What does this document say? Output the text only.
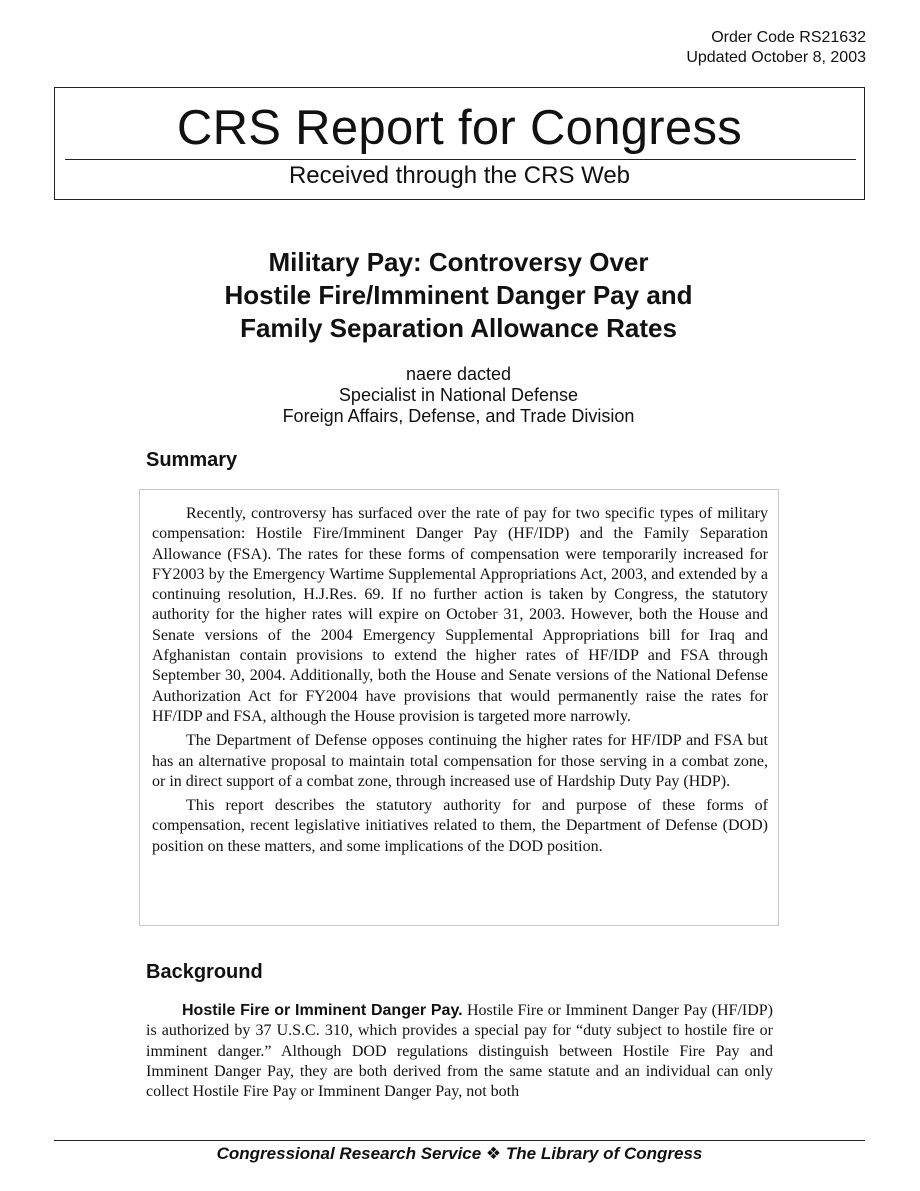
Order Code RS21632
Updated October 8, 2003
CRS Report for Congress
Received through the CRS Web
Military Pay: Controversy Over
Hostile Fire/Imminent Danger Pay and
Family Separation Allowance Rates
naere dacted
Specialist in National Defense
Foreign Affairs, Defense, and Trade Division
Summary

Recently, controversy has surfaced over the rate of pay for two specific types of military compensation: Hostile Fire/Imminent Danger Pay (HF/IDP) and the Family Separation Allowance (FSA). The rates for these forms of compensation were temporarily increased for FY2003 by the Emergency Wartime Supplemental Appropriations Act, 2003, and extended by a continuing resolution, H.J.Res. 69. If no further action is taken by Congress, the statutory authority for the higher rates will expire on October 31, 2003. However, both the House and Senate versions of the 2004 Emergency Supplemental Appropriations bill for Iraq and Afghanistan contain provisions to extend the higher rates of HF/IDP and FSA through September 30, 2004. Additionally, both the House and Senate versions of the National Defense Authorization Act for FY2004 have provisions that would permanently raise the rates for HF/IDP and FSA, although the House provision is targeted more narrowly.

The Department of Defense opposes continuing the higher rates for HF/IDP and FSA but has an alternative proposal to maintain total compensation for those serving in a combat zone, or in direct support of a combat zone, through increased use of Hardship Duty Pay (HDP).

This report describes the statutory authority for and purpose of these forms of compensation, recent legislative initiatives related to them, the Department of Defense (DOD) position on these matters, and some implications of the DOD position.

Background

Hostile Fire or Imminent Danger Pay. Hostile Fire or Imminent Danger Pay (HF/IDP) is authorized by 37 U.S.C. 310, which provides a special pay for “duty subject to hostile fire or imminent danger.” Although DOD regulations distinguish between Hostile Fire Pay and Imminent Danger Pay, they are both derived from the same statute and an individual can only collect Hostile Fire Pay or Imminent Danger Pay, not both

Congressional Research Service ❖ The Library of Congress
